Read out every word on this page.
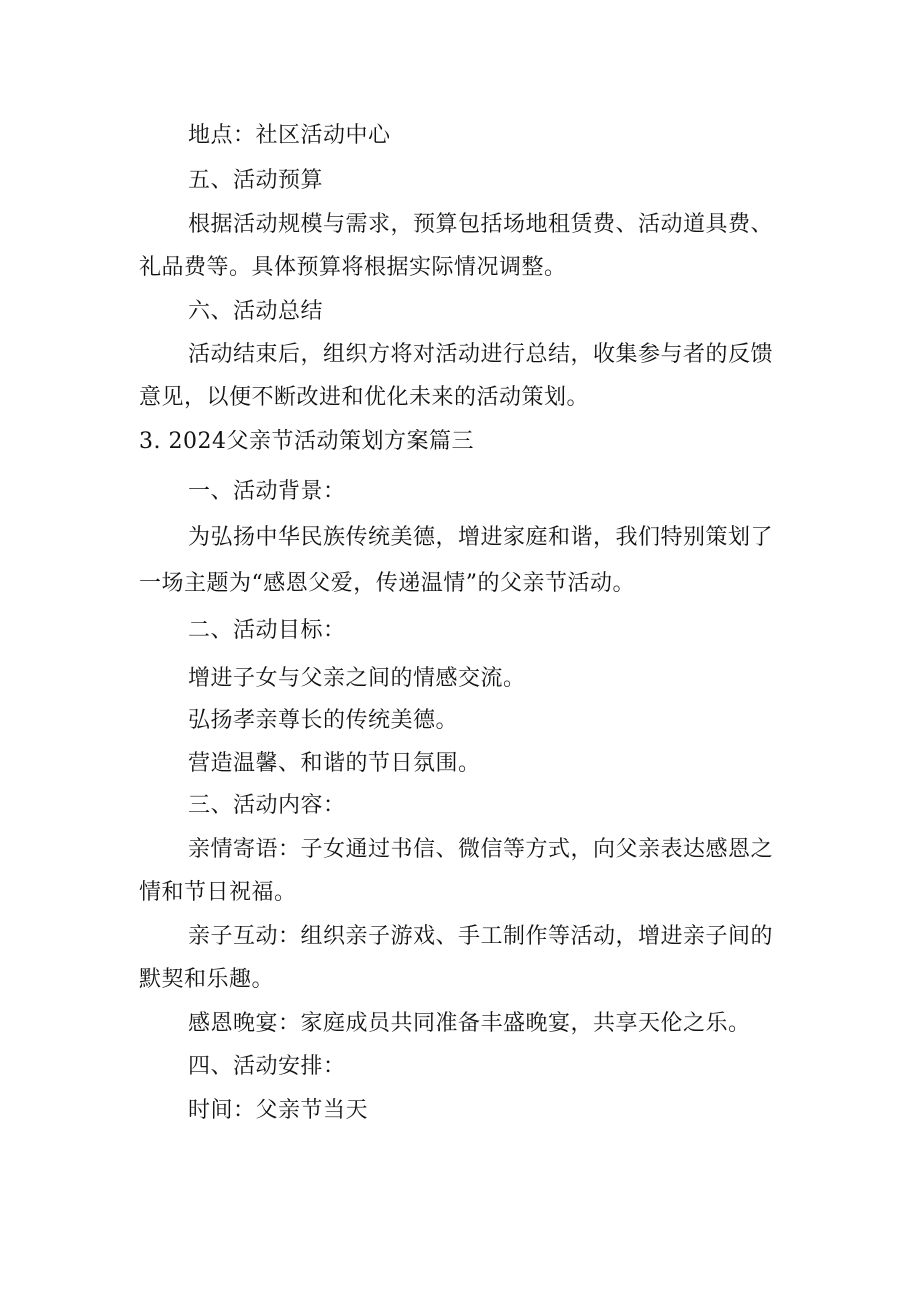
地点：社区活动中心
五、活动预算
根据活动规模与需求，预算包括场地租赁费、活动道具费、
礼品费等。具体预算将根据实际情况调整。
六、活动总结
活动结束后，组织方将对活动进行总结，收集参与者的反馈
意见，以便不断改进和优化未来的活动策划。
3. 2024父亲节活动策划方案篇三
一、活动背景：
为弘扬中华民族传统美德，增进家庭和谐，我们特别策划了
一场主题为“感恩父爱，传递温情”的父亲节活动。
二、活动目标：
增进子女与父亲之间的情感交流。
弘扬孝亲尊长的传统美德。
营造温馨、和谐的节日氛围。
三、活动内容：
亲情寄语：子女通过书信、微信等方式，向父亲表达感恩之
情和节日祝福。
亲子互动：组织亲子游戏、手工制作等活动，增进亲子间的
默契和乐趣。
感恩晚宴：家庭成员共同准备丰盛晚宴，共享天伦之乐。
四、活动安排：
时间：父亲节当天
